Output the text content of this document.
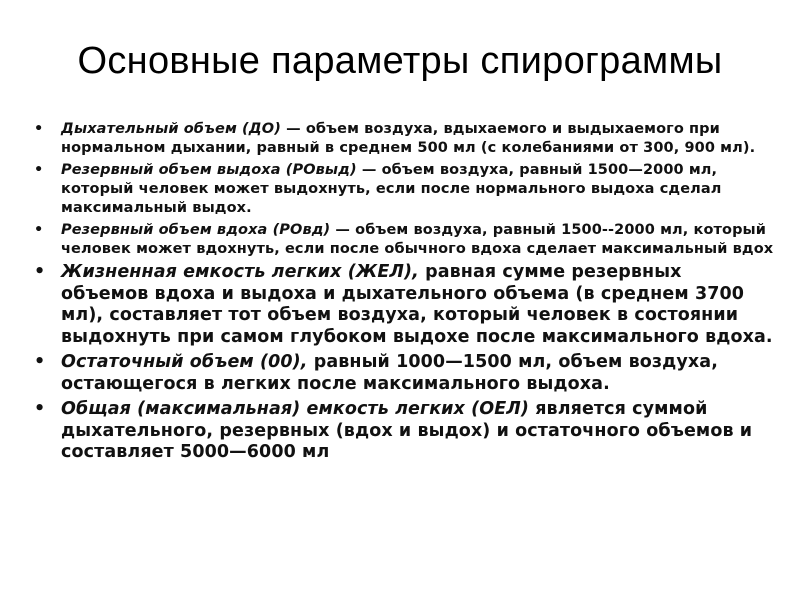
Основные параметры спирограммы
• Дыхательный объем (ДО) — объем воздуха, вдыхаемого и выдыхаемого при нормальном дыхании, равный в среднем 500 мл (с колебаниями от 300, 900 мл).
• Резервный объем выдоха (РОвыд) — объем воздуха, равный 1500—2000 мл, который человек может выдохнуть, если после нормального выдоха сделал максимальный выдох.
• Резервный объем вдоха (РОвд) — объем воздуха, равный 1500--2000 мл, который человек может вдохнуть, если после обычного вдоха сделает максимальный вдох
• Жизненная емкость легких (ЖЕЛ), равная сумме резервных объемов вдоха и выдоха и дыхательного объема (в среднем 3700 мл), составляет тот объем воздуха, который человек в состоянии выдохнуть при самом глубоком выдохе после максимального вдоха.
• Остаточный объем (00), равный 1000—1500 мл, объем воздуха, остающегося в легких после максимального выдоха.
• Общая (максимальная) емкость легких (ОЕЛ) является суммой дыхательного, резервных (вдох и выдох) и остаточного объемов и составляет 5000—6000 мл
